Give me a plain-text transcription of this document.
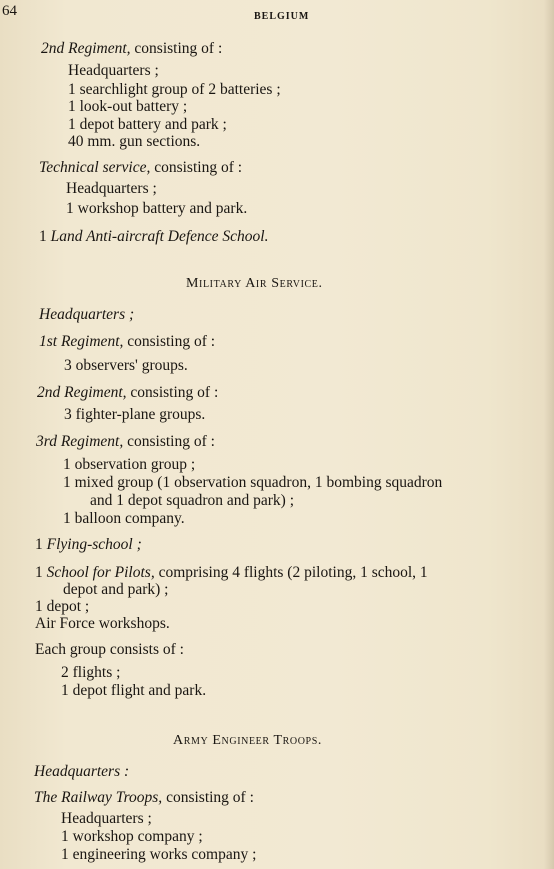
64	BELGIUM
2nd Regiment, consisting of :
Headquarters ;
1 searchlight group of 2 batteries ;
1 look-out battery ;
1 depot battery and park ;
40 mm. gun sections.
Technical service, consisting of :
Headquarters ;
1 workshop battery and park.
1 Land Anti-aircraft Defence School.
Military Air Service.
Headquarters ;
1st Regiment, consisting of :
3 observers' groups.
2nd Regiment, consisting of :
3 fighter-plane groups.
3rd Regiment, consisting of :
1 observation group ;
1 mixed group (1 observation squadron, 1 bombing squadron
and 1 depot squadron and park) ;
1 balloon company.
1 Flying-school ;
1 School for Pilots, comprising 4 flights (2 piloting, 1 school, 1
depot and park) ;
1 depot ;
Air Force workshops.
Each group consists of :
2 flights ;
1 depot flight and park.
Army Engineer Troops.
Headquarters :
The Railway Troops, consisting of :
Headquarters ;
1 workshop company ;
1 engineering works company ;
